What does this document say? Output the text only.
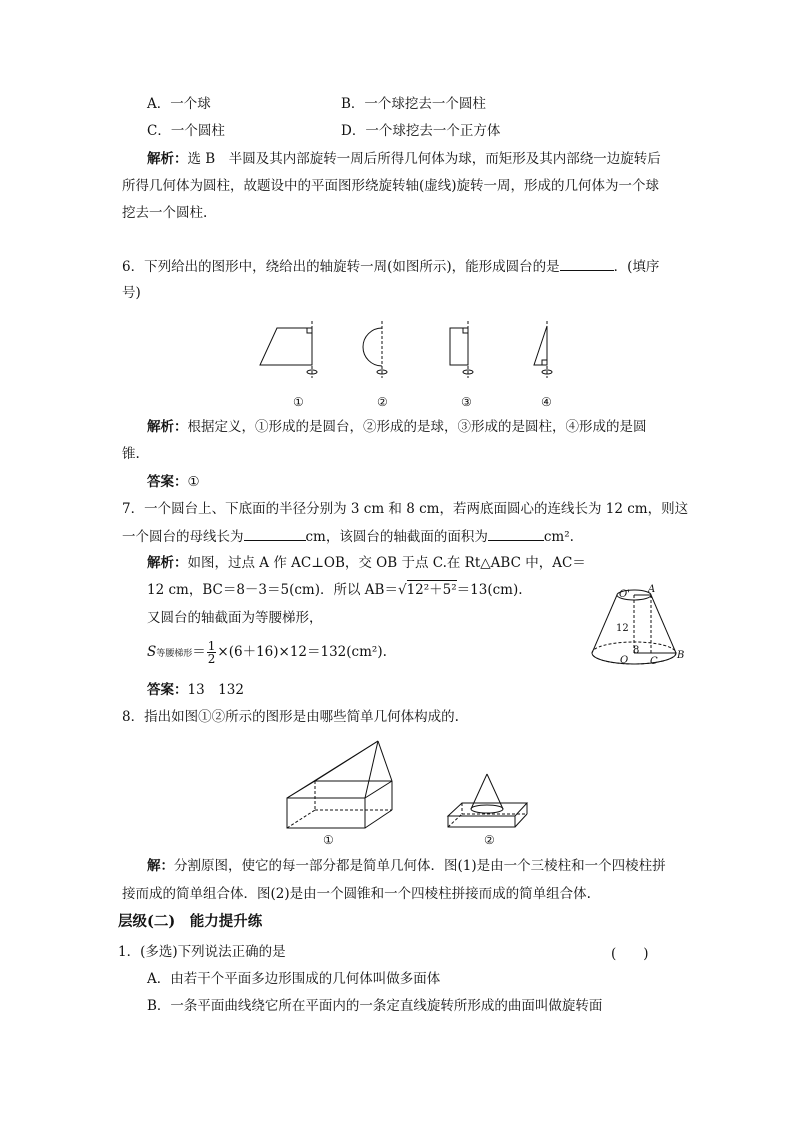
A．一个球	B．一个球挖去一个圆柱
C．一个圆柱	D．一个球挖去一个正方体
解析：选 B　半圆及其内部旋转一周后所得几何体为球，而矩形及其内部绕一边旋转后
所得几何体为圆柱，故题设中的平面图形绕旋转轴(虚线)旋转一周，形成的几何体为一个球
挖去一个圆柱.
6．下列给出的图形中，绕给出的轴旋转一周(如图所示)，能形成圆台的是	．(填序
号)
①	②	③	④
解析：根据定义，①形成的是圆台，②形成的是球，③形成的是圆柱，④形成的是圆
锥.
答案：①
7．一个圆台上、下底面的半径分别为 3 cm 和 8 cm，若两底面圆心的连线长为 12 cm，则这
一个圆台的母线长为	cm，该圆台的轴截面的面积为	cm².
解析：如图，过点 A 作 AC⊥OB，交 OB 于点 C.在 Rt△ABC 中，AC＝
12 cm，BC＝8－3＝5(cm)．所以 AB＝√12²＋5²＝13(cm).
又圆台的轴截面为等腰梯形，
S等腰梯形＝ $\frac{1}{2} \times(6+16)\times 12=132(cm^2)$.
答案：13　132
O' A
12
O C
B
8
8．指出如图①②所示的图形是由哪些简单几何体构成的.
①	②
解：分割原图，使它的每一部分都是简单几何体．图(1)是由一个三棱柱和一个四棱柱拼
接而成的简单组合体．图(2)是由一个圆锥和一个四棱柱拼接而成的简单组合体.
层级(二)　能力提升练
1．(多选)下列说法正确的是	(　　)
A．由若干个平面多边形围成的几何体叫做多面体
B．一条平面曲线绕它所在平面内的一条定直线旋转所形成的曲面叫做旋转面
